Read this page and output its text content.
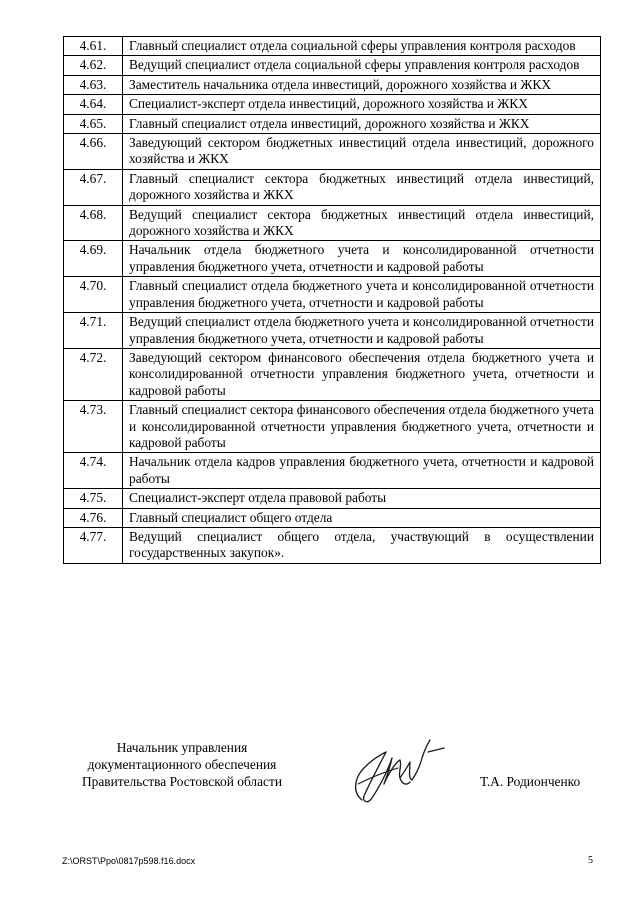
4.61.	Главный специалист отдела социальной сферы управления контроля расходов
4.62.	Ведущий специалист отдела социальной сферы управления контроля расходов
4.63.	Заместитель начальника отдела инвестиций, дорожного хозяйства и ЖКХ
4.64.	Специалист-эксперт отдела инвестиций, дорожного хозяйства и ЖКХ
4.65.	Главный специалист отдела инвестиций, дорожного хозяйства и ЖКХ
4.66.	Заведующий сектором бюджетных инвестиций отдела инвестиций, дорожного хозяйства и ЖКХ
4.67.	Главный специалист сектора бюджетных инвестиций отдела инвестиций, дорожного хозяйства и ЖКХ
4.68.	Ведущий специалист сектора бюджетных инвестиций отдела инвестиций, дорожного хозяйства и ЖКХ
4.69.	Начальник отдела бюджетного учета и консолидированной отчетности управления бюджетного учета, отчетности и кадровой работы
4.70.	Главный специалист отдела бюджетного учета и консолидированной отчетности управления бюджетного учета, отчетности и кадровой работы
4.71.	Ведущий специалист отдела бюджетного учета и консолидированной отчетности управления бюджетного учета, отчетности и кадровой работы
4.72.	Заведующий сектором финансового обеспечения отдела бюджетного учета и консолидированной отчетности управления бюджетного учета, отчетности и кадровой работы
4.73.	Главный специалист сектора финансового обеспечения отдела бюджетного учета и консолидированной отчетности управления бюджетного учета, отчетности и кадровой работы
4.74.	Начальник отдела кадров управления бюджетного учета, отчетности и кадровой работы
4.75.	Специалист-эксперт отдела правовой работы
4.76.	Главный специалист общего отдела
4.77.	Ведущий специалист общего отдела, участвующий в осуществлении государственных закупок».
Начальник управления
документационного обеспечения
Правительства Ростовской области	Т.А. Родионченко
Z:\ORST\Ppo\0817p598.f16.docx	5
